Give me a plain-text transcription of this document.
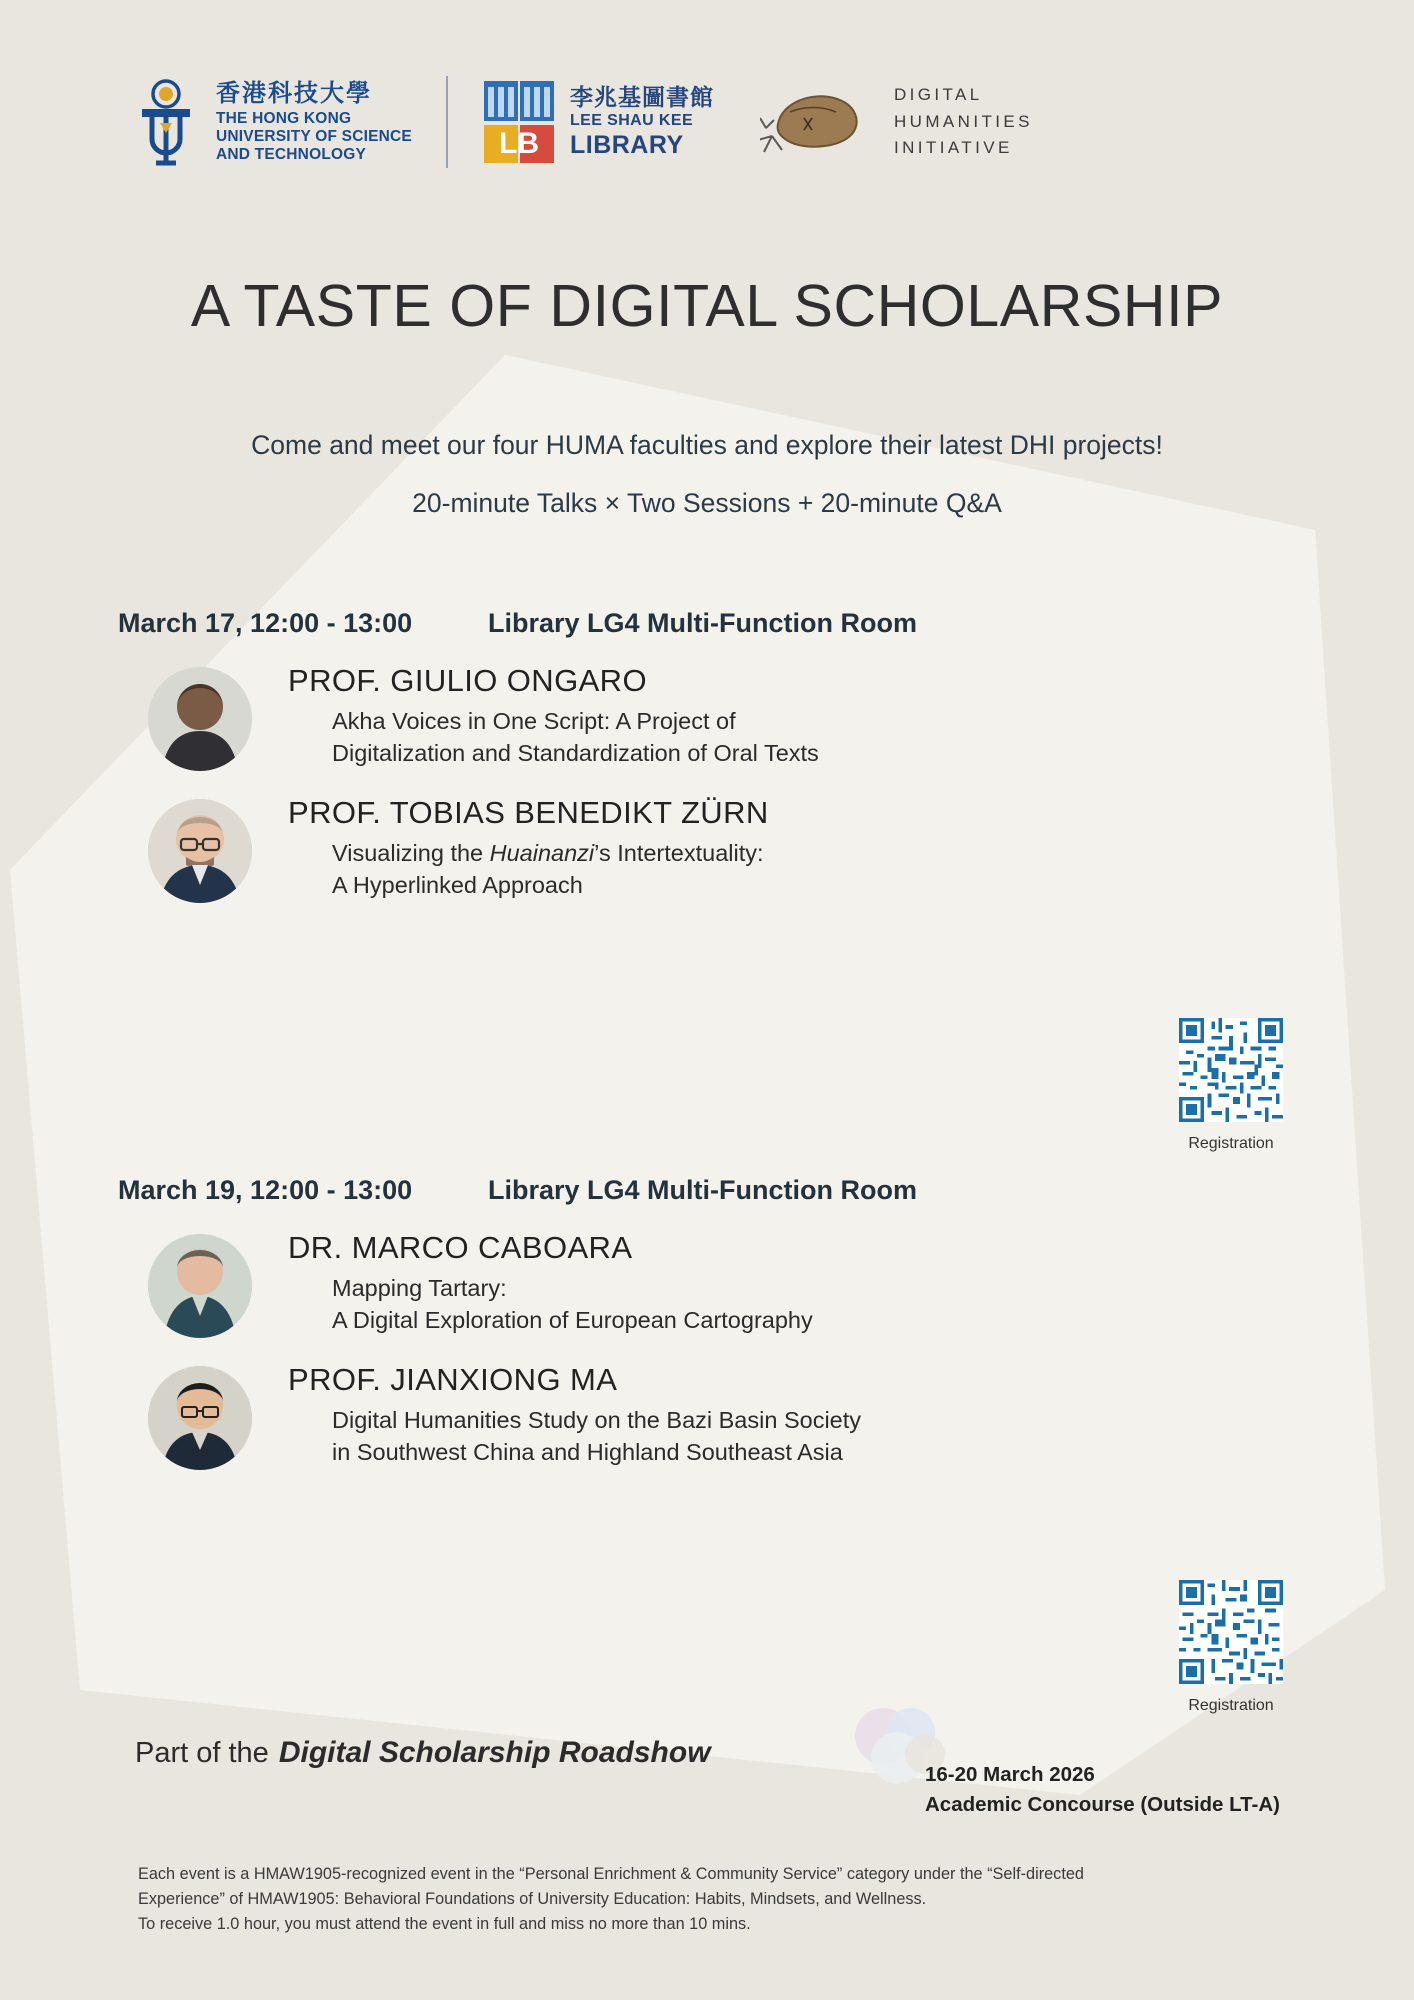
香港科技大學
THE HONG KONG
UNIVERSITY OF SCIENCE
AND TECHNOLOGY	LB
李兆基圖書館
LEE SHAU KEE
LIBRARY
DIGITAL
HUMANITIES
INITIATIVE
A TASTE OF DIGITAL SCHOLARSHIP
Come and meet our four HUMA faculties and explore their latest DHI projects!
20-minute Talks × Two Sessions + 20-minute Q&A
March 17, 12:00 - 13:00	Library LG4 Multi-Function Room
PROF. GIULIO ONGARO
Akha Voices in One Script: A Project of
Digitalization and Standardization of Oral Texts
PROF. TOBIAS BENEDIKT ZÜRN
Visualizing the Huainanzi’s Intertextuality:
A Hyperlinked Approach
Registration
March 19, 12:00 - 13:00	Library LG4 Multi-Function Room
DR. MARCO CABOARA
Mapping Tartary:
A Digital Exploration of European Cartography
PROF. JIANXIONG MA
Digital Humanities Study on the Bazi Basin Society
in Southwest China and Highland Southeast Asia
Registration
Part of the Digital Scholarship Roadshow
16-20 March 2026
Academic Concourse (Outside LT-A)
Each event is a HMAW1905-recognized event in the “Personal Enrichment & Community Service” category under the “Self-directed
Experience” of HMAW1905: Behavioral Foundations of University Education: Habits, Mindsets, and Wellness.
To receive 1.0 hour, you must attend the event in full and miss no more than 10 mins.
